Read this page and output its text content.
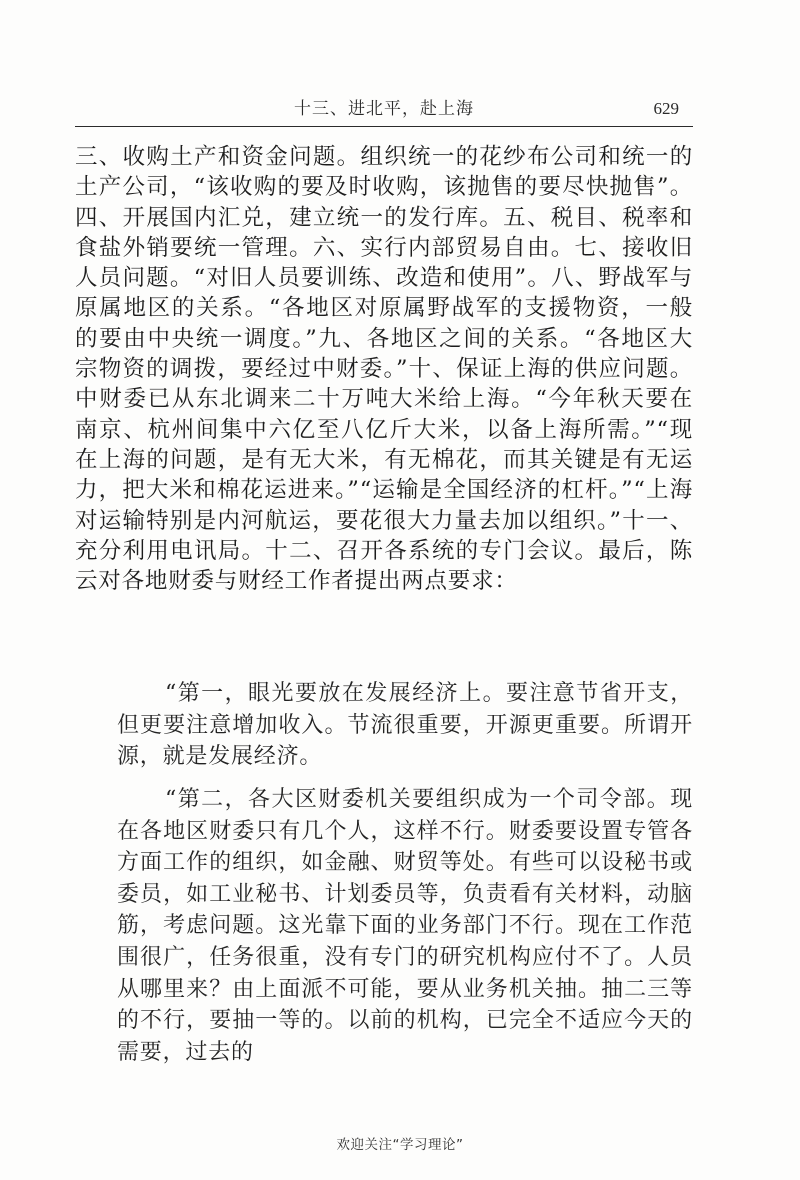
十三、进北平，赴上海	629

三、收购土产和资金问题。组织统一的花纱布公司和统一的土产公司，“该收购的要及时收购，该抛售的要尽快抛售”。四、开展国内汇兑，建立统一的发行库。五、税目、税率和食盐外销要统一管理。六、实行内部贸易自由。七、接收旧人员问题。“对旧人员要训练、改造和使用”。八、野战军与原属地区的关系。“各地区对原属野战军的支援物资，一般的要由中央统一调度。”九、各地区之间的关系。“各地区大宗物资的调拨，要经过中财委。”十、保证上海的供应问题。中财委已从东北调来二十万吨大米给上海。“今年秋天要在南京、杭州间集中六亿至八亿斤大米，以备上海所需。”“现在上海的问题，是有无大米，有无棉花，而其关键是有无运力，把大米和棉花运进来。”“运输是全国经济的杠杆。”“上海对运输特别是内河航运，要花很大力量去加以组织。”十一、充分利用电讯局。十二、召开各系统的专门会议。最后，陈云对各地财委与财经工作者提出两点要求：

“第一，眼光要放在发展经济上。要注意节省开支，但更要注意增加收入。节流很重要，开源更重要。所谓开源，就是发展经济。

“第二，各大区财委机关要组织成为一个司令部。现在各地区财委只有几个人，这样不行。财委要设置专管各方面工作的组织，如金融、财贸等处。有些可以设秘书或委员，如工业秘书、计划委员等，负责看有关材料，动脑筋，考虑问题。这光靠下面的业务部门不行。现在工作范围很广，任务很重，没有专门的研究机构应付不了。人员从哪里来？由上面派不可能，要从业务机关抽。抽二三等的不行，要抽一等的。以前的机构，已完全不适应今天的需要，过去的

欢迎关注“学习理论”
